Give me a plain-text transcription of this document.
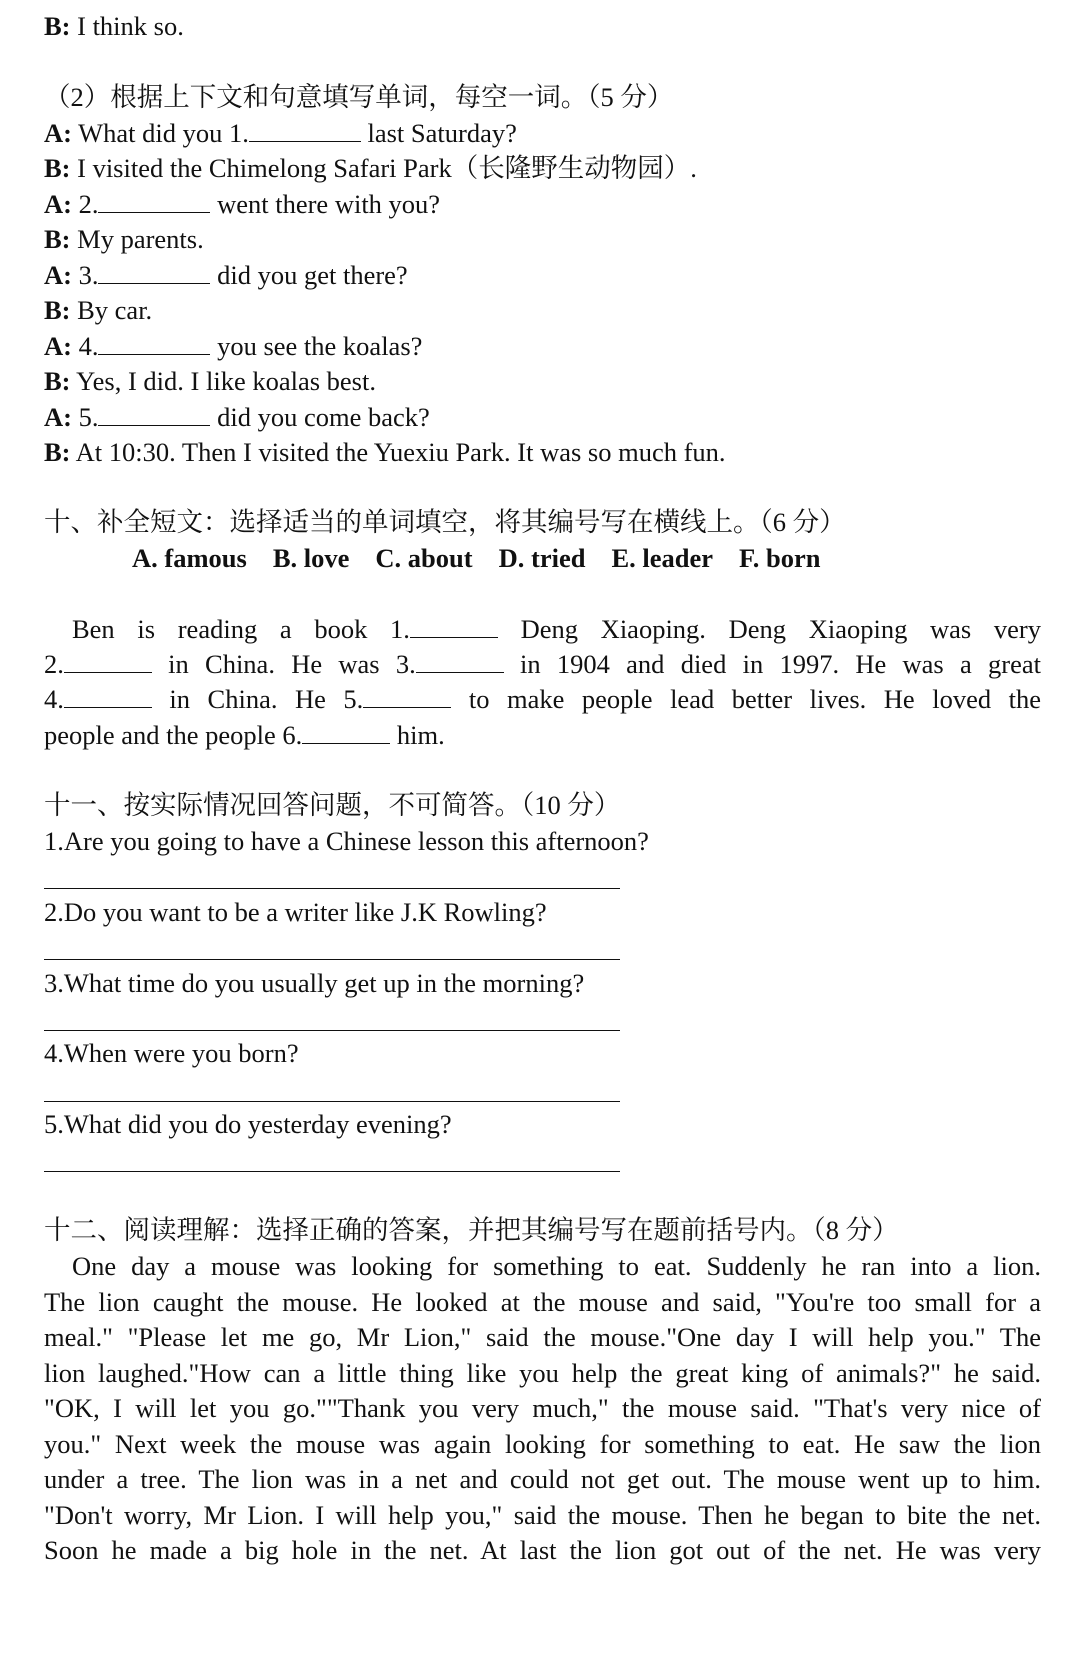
B: I think so.
（2）根据上下文和句意填写单词，每空一词。（5 分）
A: What did you 1.	last Saturday?
B: I visited the Chimelong Safari Park（长隆野生动物园）.
A: 2.	went there with you?
B: My parents.
A: 3.	did you get there?
B: By car.
A: 4.	you see the koalas?
B: Yes, I did. I like koalas best.
A: 5.	did you come back?
B: At 10:30. Then I visited the Yuexiu Park. It was so much fun.
十、补全短文：选择适当的单词填空，将其编号写在横线上。（6 分）
A. famous B. love C. about D. tried E. leader F. born
Ben is reading a book 1.	Deng Xiaoping. Deng Xiaoping was very
2.	in China. He was 3.	in 1904 and died in 1997. He was a great
4.	in China. He 5.	to make people lead better lives. He loved the
people and the people 6.	him.
十一、按实际情况回答问题，不可简答。（10 分）
1.Are you going to have a Chinese lesson this afternoon?
2.Do you want to be a writer like J.K Rowling?
3.What time do you usually get up in the morning?
4.When were you born?
5.What did you do yesterday evening?
十二、阅读理解：选择正确的答案，并把其编号写在题前括号内。（8 分）
One day a mouse was looking for something to eat. Suddenly he ran into a lion.
The lion caught the mouse. He looked at the mouse and said, "You're too small for a
meal." "Please let me go, Mr Lion," said the mouse."One day I will help you." The
lion laughed."How can a little thing like you help the great king of animals?" he said.
"OK, I will let you go.""Thank you very much," the mouse said. "That's very nice of
you." Next week the mouse was again looking for something to eat. He saw the lion
under a tree. The lion was in a net and could not get out. The mouse went up to him.
"Don't worry, Mr Lion. I will help you," said the mouse. Then he began to bite the net.
Soon he made a big hole in the net. At last the lion got out of the net. He was very
